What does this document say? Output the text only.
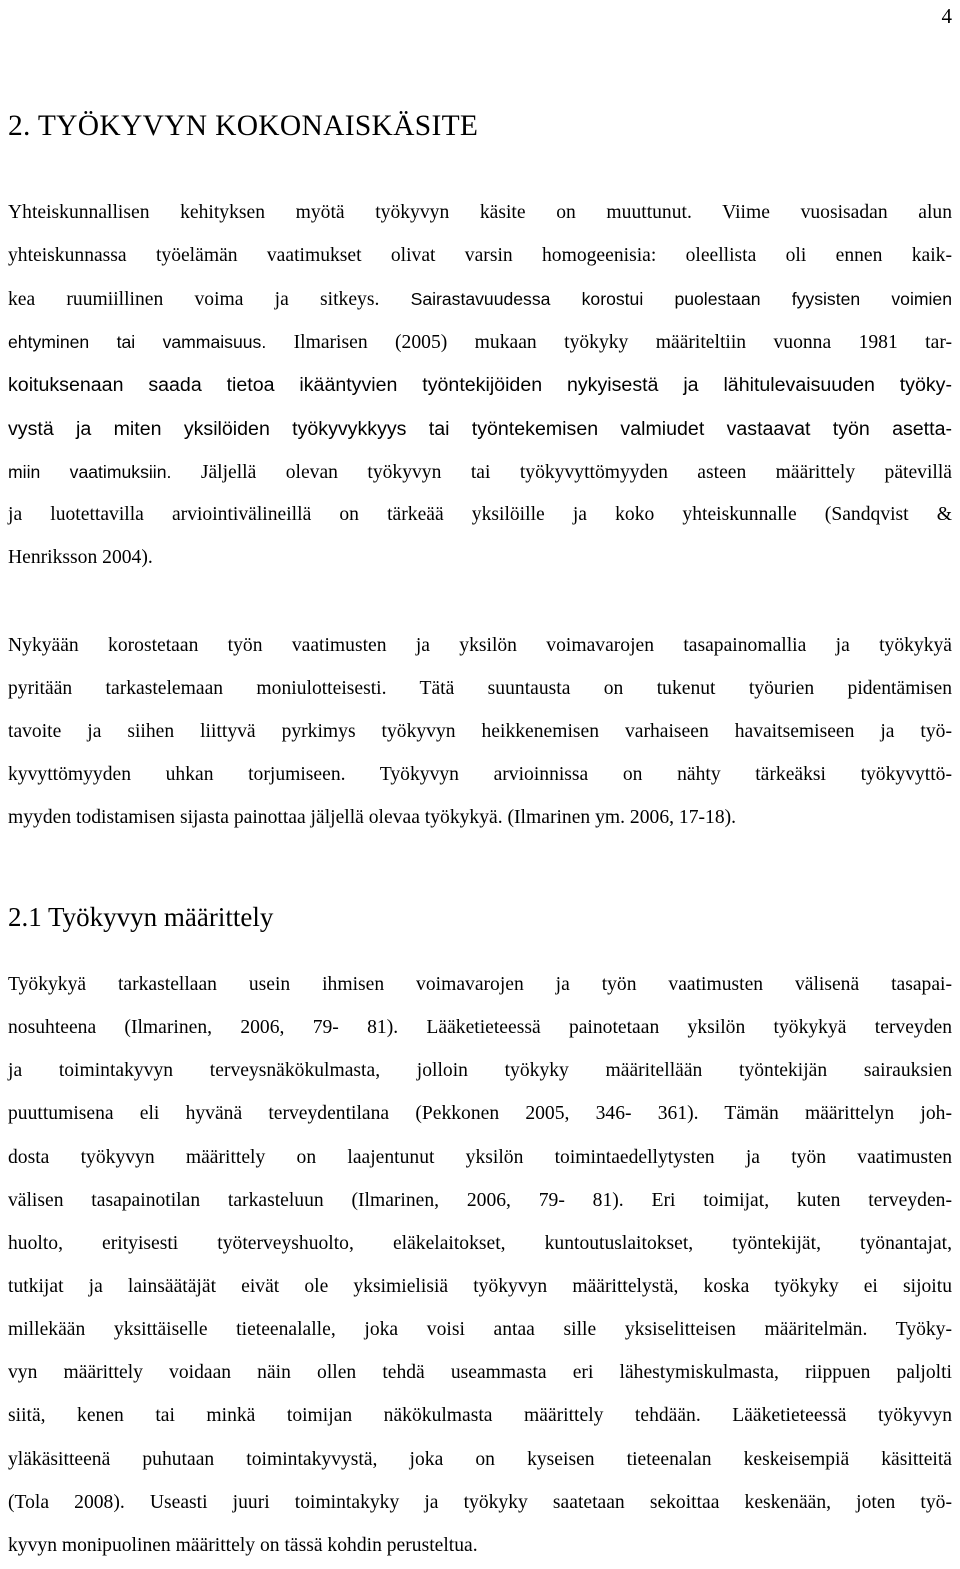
4
2. TYÖKYVYN KOKONAISKÄSITE
Yhteiskunnallisen kehityksen myötä työkyvyn käsite on muuttunut. Viime vuosisadan alun
yhteiskunnassa työelämän vaatimukset olivat varsin homogeenisia: oleellista oli ennen kaik-
kea ruumiillinen voima ja sitkeys. Sairastavuudessa korostui puolestaan fyysisten voimien
ehtyminen tai vammaisuus. Ilmarisen (2005) mukaan työkyky määriteltiin vuonna 1981 tar-
koituksenaan saada tietoa ikääntyvien työntekijöiden nykyisestä ja lähitulevaisuuden työky-
vystä ja miten yksilöiden työkyvykkyys tai työntekemisen valmiudet vastaavat työn asetta-
miin vaatimuksiin. Jäljellä olevan työkyvyn tai työkyvyttömyyden asteen määrittely pätevillä
ja luotettavilla arviointivälineillä on tärkeää yksilöille ja koko yhteiskunnalle (Sandqvist &
Henriksson 2004).
Nykyään korostetaan työn vaatimusten ja yksilön voimavarojen tasapainomallia ja työkykyä
pyritään tarkastelemaan moniulotteisesti. Tätä suuntausta on tukenut työurien pidentämisen
tavoite ja siihen liittyvä pyrkimys työkyvyn heikkenemisen varhaiseen havaitsemiseen ja työ-
kyvyttömyyden uhkan torjumiseen. Työkyvyn arvioinnissa on nähty tärkeäksi työkyvyttö-
myyden todistamisen sijasta painottaa jäljellä olevaa työkykyä. (Ilmarinen ym. 2006, 17-18).
2.1 Työkyvyn määrittely
Työkykyä tarkastellaan usein ihmisen voimavarojen ja työn vaatimusten välisenä tasapai-
nosuhteena (Ilmarinen, 2006, 79- 81). Lääketieteessä painotetaan yksilön työkykyä terveyden
ja toimintakyvyn terveysnäkökulmasta, jolloin työkyky määritellään työntekijän sairauksien
puuttumisena eli hyvänä terveydentilana (Pekkonen 2005, 346- 361). Tämän määrittelyn joh-
dosta työkyvyn määrittely on laajentunut yksilön toimintaedellytysten ja työn vaatimusten
välisen tasapainotilan tarkasteluun (Ilmarinen, 2006, 79- 81). Eri toimijat, kuten terveyden-
huolto, erityisesti työterveyshuolto, eläkelaitokset, kuntoutuslaitokset, työntekijät, työnantajat,
tutkijat ja lainsäätäjät eivät ole yksimielisiä työkyvyn määrittelystä, koska työkyky ei sijoitu
millekään yksittäiselle tieteenalalle, joka voisi antaa sille yksiselitteisen määritelmän. Työky-
vyn määrittely voidaan näin ollen tehdä useammasta eri lähestymiskulmasta, riippuen paljolti
siitä, kenen tai minkä toimijan näkökulmasta määrittely tehdään. Lääketieteessä työkyvyn
yläkäsitteenä puhutaan toimintakyvystä, joka on kyseisen tieteenalan keskeisempiä käsitteitä
(Tola 2008). Useasti juuri toimintakyky ja työkyky saatetaan sekoittaa keskenään, joten työ-
kyvyn monipuolinen määrittely on tässä kohdin perusteltua.
